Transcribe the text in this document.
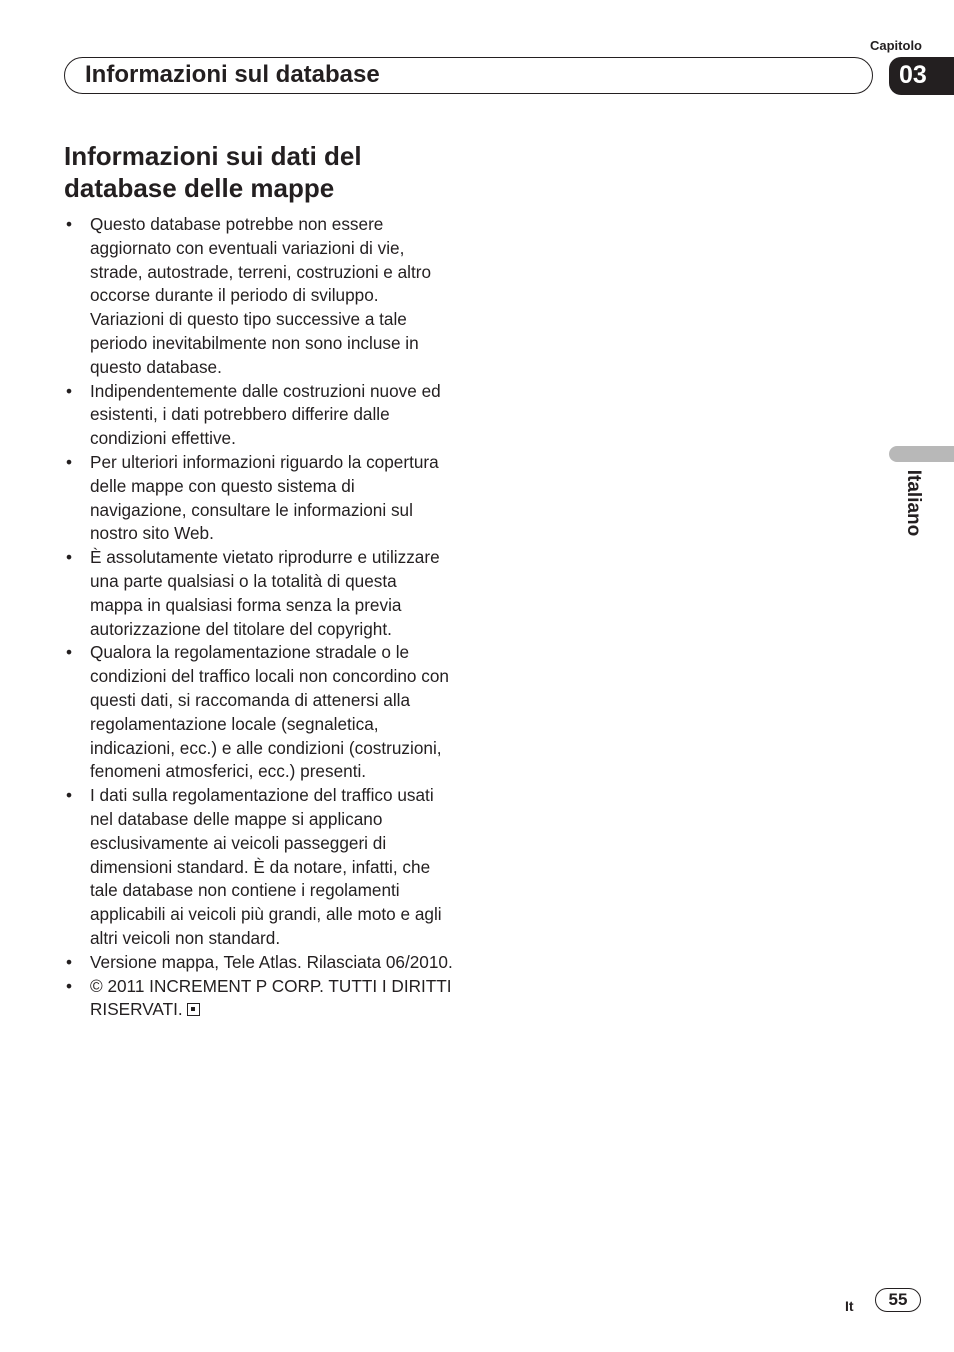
Capitolo
Informazioni sul database	03
Informazioni sui dati del
database delle mappe
• Questo database potrebbe non essere aggiornato con eventuali variazioni di vie, strade, autostrade, terreni, costruzioni e altro occorse durante il periodo di sviluppo. Variazioni di questo tipo successive a tale periodo inevitabilmente non sono incluse in questo database.
• Indipendentemente dalle costruzioni nuove ed esistenti, i dati potrebbero differire dalle condizioni effettive.
• Per ulteriori informazioni riguardo la copertura delle mappe con questo sistema di navigazione, consultare le informazioni sul nostro sito Web.
• È assolutamente vietato riprodurre e utilizzare una parte qualsiasi o la totalità di questa mappa in qualsiasi forma senza la previa autorizzazione del titolare del copyright.
• Qualora la regolamentazione stradale o le condizioni del traffico locali non concordino con questi dati, si raccomanda di attenersi alla regolamentazione locale (segnaletica, indicazioni, ecc.) e alle condizioni (costruzioni, fenomeni atmosferici, ecc.) presenti.
• I dati sulla regolamentazione del traffico usati nel database delle mappe si applicano esclusivamente ai veicoli passeggeri di dimensioni standard. È da notare, infatti, che tale database non contiene i regolamenti applicabili ai veicoli più grandi, alle moto e agli altri veicoli non standard.
• Versione mappa, Tele Atlas. Rilasciata 06/2010.
• © 2011 INCREMENT P CORP. TUTTI I DIRITTI RISERVATI.
Italiano
It	55
